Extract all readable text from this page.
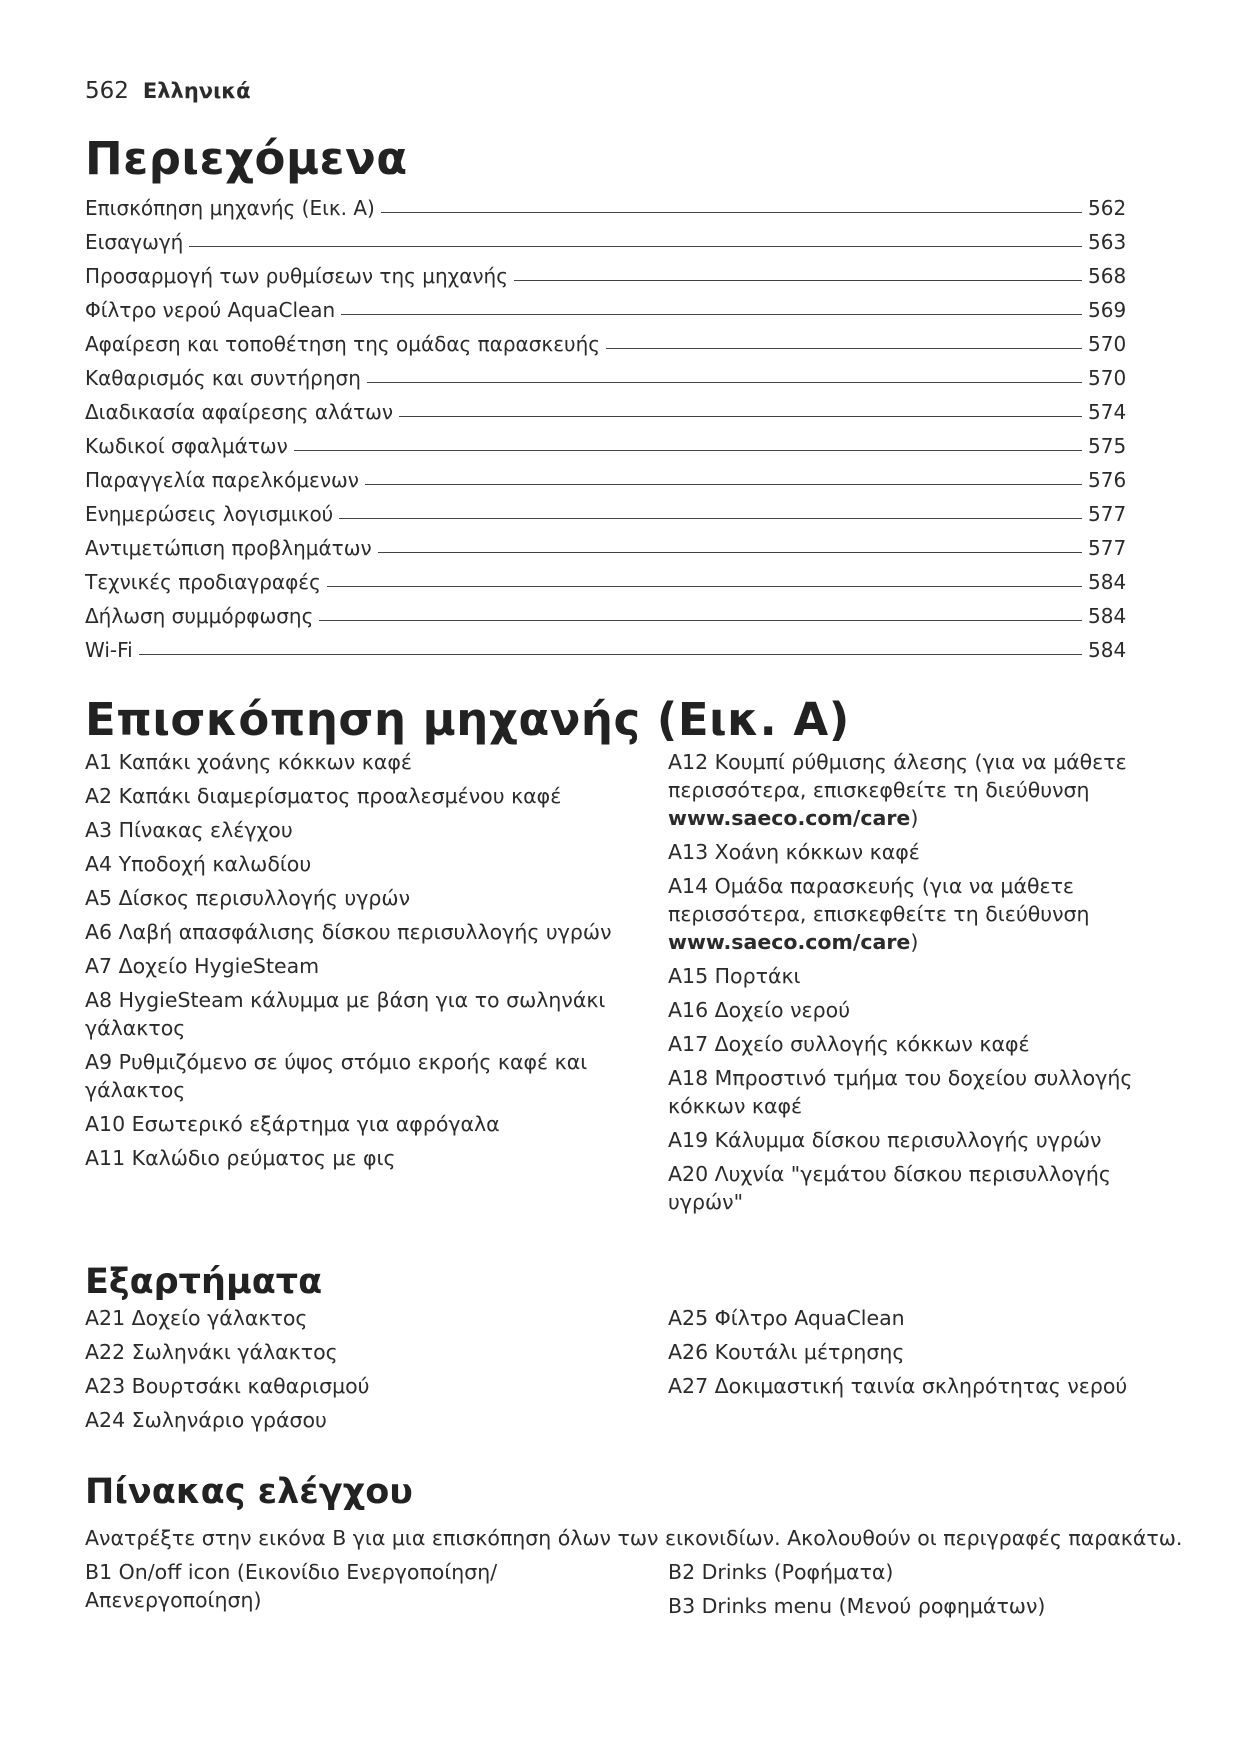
562 Ελληνικά
Περιεχόμενα
Επισκόπηση μηχανής (Εικ. A)	562
Εισαγωγή	563
Προσαρμογή των ρυθμίσεων της μηχανής	568
Φίλτρο νερού AquaClean	569
Αφαίρεση και τοποθέτηση της ομάδας παρασκευής	570
Καθαρισμός και συντήρηση	570
Διαδικασία αφαίρεσης αλάτων	574
Κωδικοί σφαλμάτων	575
Παραγγελία παρελκόμενων	576
Ενημερώσεις λογισμικού	577
Αντιμετώπιση προβλημάτων	577
Τεχνικές προδιαγραφές	584
Δήλωση συμμόρφωσης	584
Wi-Fi	584
Επισκόπηση μηχανής (Εικ. A)
A1 Καπάκι χοάνης κόκκων καφέ
A2 Καπάκι διαμερίσματος προαλεσμένου καφέ
A3 Πίνακας ελέγχου
A4 Υποδοχή καλωδίου
A5 Δίσκος περισυλλογής υγρών
A6 Λαβή απασφάλισης δίσκου περισυλλογής υγρών
A7 Δοχείο HygieSteam
A8 HygieSteam κάλυμμα με βάση για το σωληνάκι γάλακτος
A9 Ρυθμιζόμενο σε ύψος στόμιο εκροής καφέ και γάλακτος
A10 Εσωτερικό εξάρτημα για αφρόγαλα
A11 Καλώδιο ρεύματος με φις
A12 Κουμπί ρύθμισης άλεσης (για να μάθετε περισσότερα, επισκεφθείτε τη διεύθυνση www.saeco.com/care)
A13 Χοάνη κόκκων καφέ
A14 Ομάδα παρασκευής (για να μάθετε περισσότερα, επισκεφθείτε τη διεύθυνση www.saeco.com/care)
A15 Πορτάκι
A16 Δοχείο νερού
A17 Δοχείο συλλογής κόκκων καφέ
A18 Μπροστινό τμήμα του δοχείου συλλογής κόκκων καφέ
A19 Κάλυμμα δίσκου περισυλλογής υγρών
A20 Λυχνία "γεμάτου δίσκου περισυλλογής υγρών"
Εξαρτήματα
A21 Δοχείο γάλακτος
A22 Σωληνάκι γάλακτος
A23 Βουρτσάκι καθαρισμού
A24 Σωληνάριο γράσου
A25 Φίλτρο AquaClean
A26 Κουτάλι μέτρησης
A27 Δοκιμαστική ταινία σκληρότητας νερού
Πίνακας ελέγχου
Ανατρέξτε στην εικόνα B για μια επισκόπηση όλων των εικονιδίων. Ακολουθούν οι περιγραφές παρακάτω.
B1 On/off icon (Εικονίδιο Ενεργοποίηση/Απενεργοποίηση)
B2 Drinks (Ροφήματα)
B3 Drinks menu (Μενού ροφημάτων)
